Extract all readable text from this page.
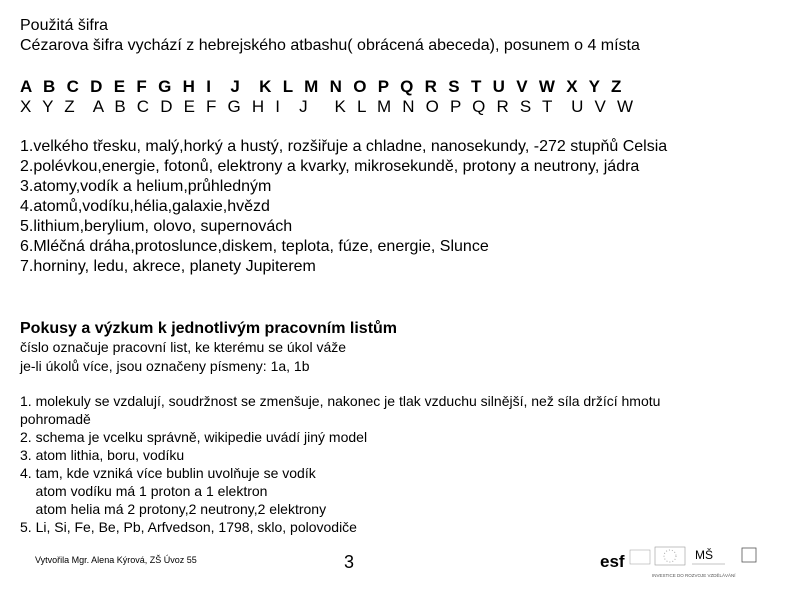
Použitá šifra
Cézarova šifra vychází z hebrejského atbashu( obrácená abeceda), posunem o 4 místa
A B C D E F G H I  J  K L M N O P Q R S T U V W X Y Z
X Y Z  A B C D E F G H I  J   K L M N O P Q R S T  U V W
1.velkého třesku, malý,horký a hustý, rozšiřuje a chladne, nanosekundy, -272 stupňů Celsia
2.polévkou,energie, fotonů, elektrony a kvarky, mikrosekundě, protony a neutrony, jádra
3.atomy,vodík a helium,průhledným
4.atomů,vodíku,hélia,galaxie,hvězd
5.lithium,berylium, olovo, supernovách
6.Mléčná dráha,protoslunce,diskem, teplota, fúze, energie, Slunce
7.horniny, ledu, akrece, planety Jupiterem
Pokusy a výzkum k jednotlivým pracovním listům
číslo označuje pracovní list, ke kterému se úkol váže
je-li úkolů více, jsou označeny písmeny: 1a, 1b
1. molekuly se vzdalují, soudržnost se zmenšuje, nakonec je tlak vzduchu silnější, než síla držící hmotu
pohromadě
2. schema je vcelku správně, wikipedie uvádí jiný model
3. atom lithia, boru, vodíku
4. tam, kde vzniká více bublin uvolňuje se vodík
atom vodíku má 1 proton a 1 elektron
atom helia má 2 protony,2 neutrony,2 elektrony
5. Li, Si, Fe, Be, Pb, Arfvedson, 1798, sklo, polovodiče
Vytvořila Mgr. Alena Kýrová, ZŠ Úvoz 55	3	esf	MŠ
INVESTICE DO ROZVOJE VZDĚLÁVÁNÍ
